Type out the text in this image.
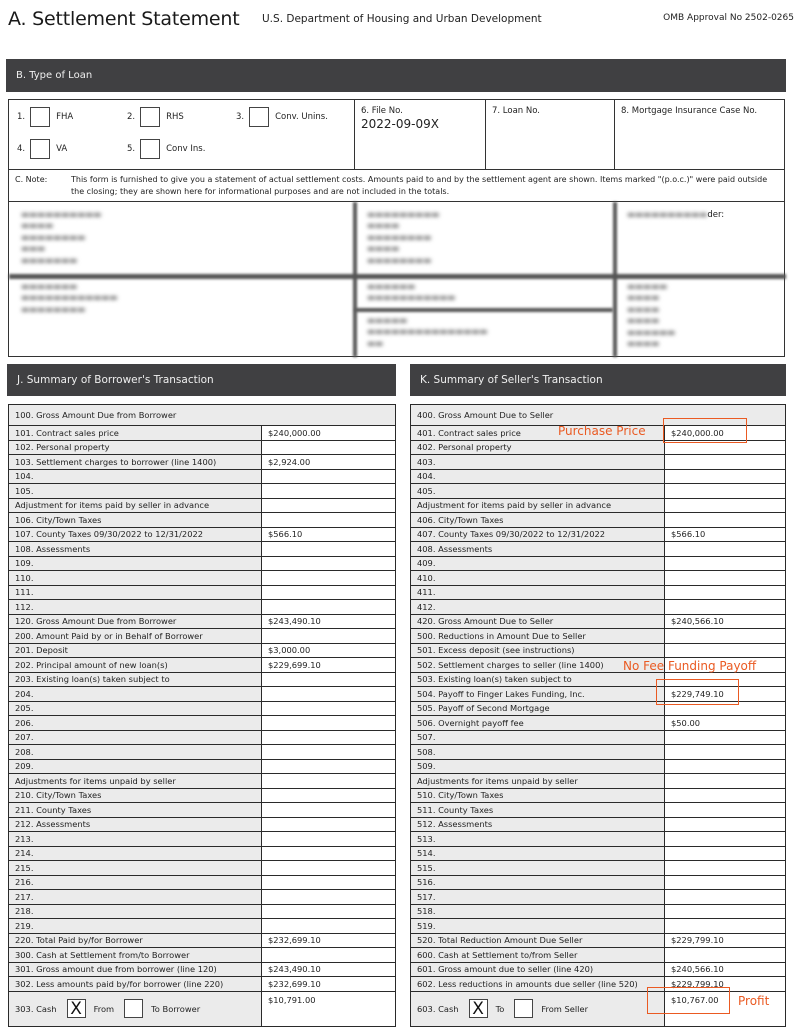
A. Settlement Statement U.S. Department of Housing and Urban Development	OMB Approval No 2502-0265
B. Type of Loan
1.	FHA	2.	RHS	3.	Conv. Unins.
4.	VA	5.	Conv Ins.
6. File No.
2022-09-09X
7. Loan No.	8. Mortgage Insurance Case No.
C. Note:	This form is furnished to give you a statement of actual settlement costs. Amounts paid to and by the settlement agent are shown. Items marked "(p.o.c.)" were paid outside the closing; they are shown here for informational purposes and are not included in the totals.
▬▬▬▬▬▬▬▬▬▬
▬▬▬▬
▬▬▬▬▬▬▬▬
▬▬▬
▬▬▬▬▬▬▬
▬▬▬▬▬▬▬▬▬
▬▬▬▬
▬▬▬▬▬▬▬▬
▬▬▬▬
▬▬▬▬▬▬▬▬
▬▬▬▬▬▬▬▬▬▬ der:
▬▬▬▬▬▬▬
▬▬▬▬▬▬▬▬▬▬▬▬
▬▬▬▬▬▬▬▬
▬▬▬▬▬▬
▬▬▬▬▬▬▬▬▬▬▬
▬▬▬▬▬
▬▬▬▬▬▬▬▬▬▬▬▬▬▬▬
▬▬
▬▬▬▬▬
▬▬▬▬
▬▬▬▬
▬▬▬▬
▬▬▬▬▬▬
▬▬▬▬
J. Summary of Borrower's Transaction	K. Summary of Seller's Transaction
100. Gross Amount Due from Borrower	
101. Contract sales price	$240,000.00
102. Personal property	
103. Settlement charges to borrower (line 1400)	$2,924.00
104.	
105.	
Adjustment for items paid by seller in advance	
106. City/Town Taxes	
107. County Taxes 09/30/2022 to 12/31/2022	$566.10
108. Assessments	
109.	
110.	
111.	
112.	
120. Gross Amount Due from Borrower	$243,490.10
200. Amount Paid by or in Behalf of Borrower	
201. Deposit	$3,000.00
202. Principal amount of new loan(s)	$229,699.10
203. Existing loan(s) taken subject to	
204.	
205.	
206.	
207.	
208.	
209.	
Adjustments for items unpaid by seller	
210. City/Town Taxes	
211. County Taxes	
212. Assessments	
213.	
214.	
215.	
216.	
217.	
218.	
219.	
220. Total Paid by/for Borrower	$232,699.10
300. Cash at Settlement from/to Borrower	
301. Gross amount due from borrower (line 120)	$243,490.10
302. Less amounts paid by/for borrower (line 220)	$232,699.10

303. Cash X From To Borrower	$10,791.00
400. Gross Amount Due to Seller	
401. Contract sales price	$240,000.00
402. Personal property	
403.	
404.	
405.	
Adjustment for items paid by seller in advance	
406. City/Town Taxes	
407. County Taxes 09/30/2022 to 12/31/2022	$566.10
408. Assessments	
409.	
410.	
411.	
412.	
420. Gross Amount Due to Seller	$240,566.10
500. Reductions in Amount Due to Seller	
501. Excess deposit (see instructions)	
502. Settlement charges to seller (line 1400)	
503. Existing loan(s) taken subject to	
504. Payoff to Finger Lakes Funding, Inc.	$229,749.10
505. Payoff of Second Mortgage	
506. Overnight payoff fee	$50.00
507.	
508.	
509.	
Adjustments for items unpaid by seller	
510. City/Town Taxes	
511. County Taxes	
512. Assessments	
513.	
514.	
515.	
516.	
517.	
518.	
519.	
520. Total Reduction Amount Due Seller	$229,799.10
600. Cash at Settlement to/from Seller	
601. Gross amount due to seller (line 420)	$240,566.10
602. Less reductions in amounts due seller (line 520)	$229,799.10

603. Cash X To From Seller	$10,767.00
Purchase Price
No Fee Funding Payoff
Profit
